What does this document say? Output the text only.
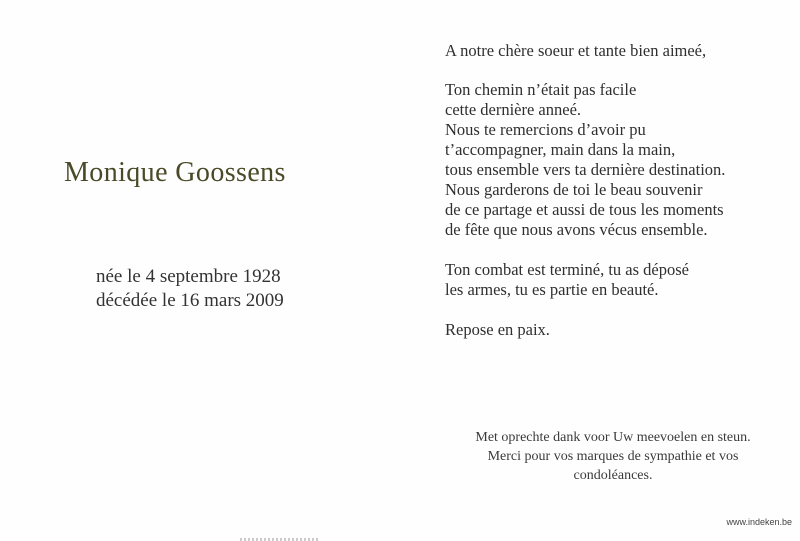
Monique Goossens
née le 4 septembre 1928
décédée le 16 mars 2009
A notre chère soeur et tante bien aimeé,
Ton chemin n’était pas facile
cette dernière anneé.
Nous te remercions d’avoir pu
t’accompagner, main dans la main,
tous ensemble vers ta dernière destination.
Nous garderons de toi le beau souvenir
de ce partage et aussi de tous les moments
de fête que nous avons vécus ensemble.
Ton combat est terminé, tu as déposé
les armes, tu es partie en beauté.
Repose en paix.
Met oprechte dank voor Uw meevoelen en steun.
Merci pour vos marques de sympathie et vos
condoléances.
www.indeken.be
